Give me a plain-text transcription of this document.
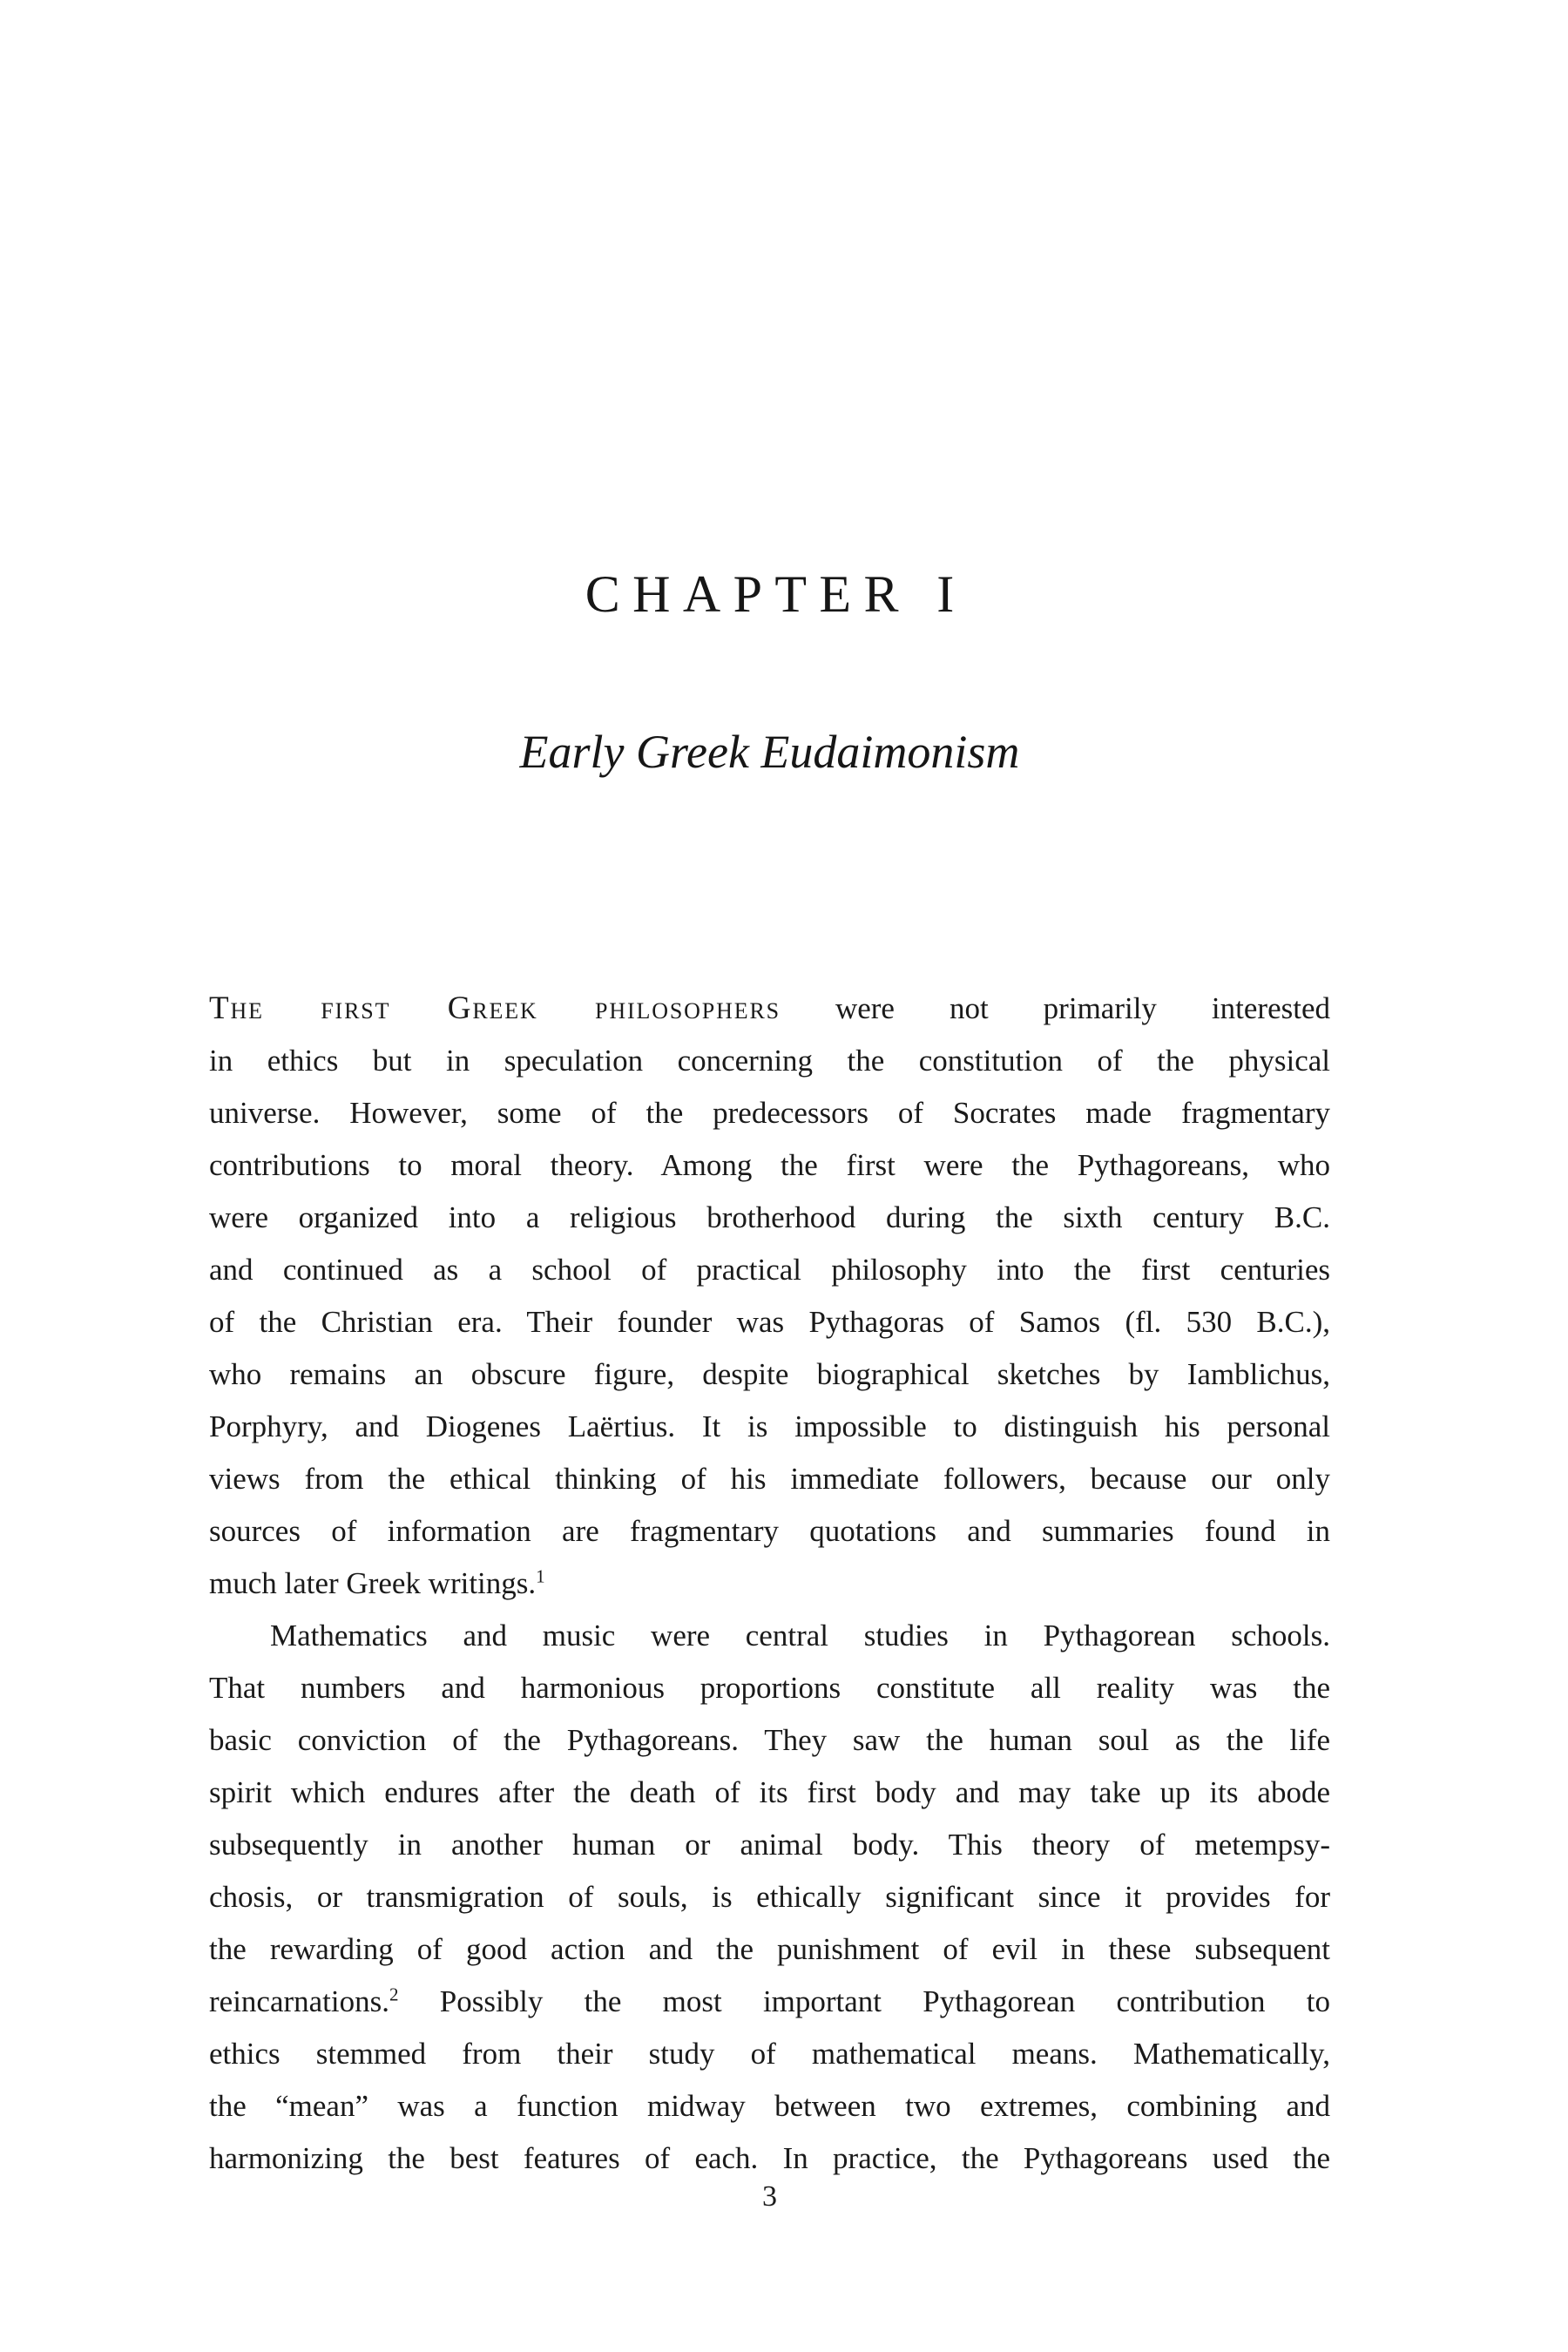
CHAPTER I
Early Greek Eudaimonism
The first Greek philosophers were not primarily interested
in ethics but in speculation concerning the constitution of the physical
universe. However, some of the predecessors of Socrates made fragmentary
contributions to moral theory. Among the first were the Pythagoreans, who
were organized into a religious brotherhood during the sixth century B.C.
and continued as a school of practical philosophy into the first centuries
of the Christian era. Their founder was Pythagoras of Samos (fl. 530 B.C.),
who remains an obscure figure, despite biographical sketches by Iamblichus,
Porphyry, and Diogenes Laërtius. It is impossible to distinguish his personal
views from the ethical thinking of his immediate followers, because our only
sources of information are fragmentary quotations and summaries found in
much later Greek writings.$^1$
Mathematics and music were central studies in Pythagorean schools.
That numbers and harmonious proportions constitute all reality was the
basic conviction of the Pythagoreans. They saw the human soul as the life
spirit which endures after the death of its first body and may take up its abode
subsequently in another human or animal body. This theory of metempsy-
chosis, or transmigration of souls, is ethically significant since it provides for
the rewarding of good action and the punishment of evil in these subsequent
reincarnations.$^2$ Possibly the most important Pythagorean contribution to
ethics stemmed from their study of mathematical means. Mathematically,
the “mean” was a function midway between two extremes, combining and
harmonizing the best features of each. In practice, the Pythagoreans used the
3
